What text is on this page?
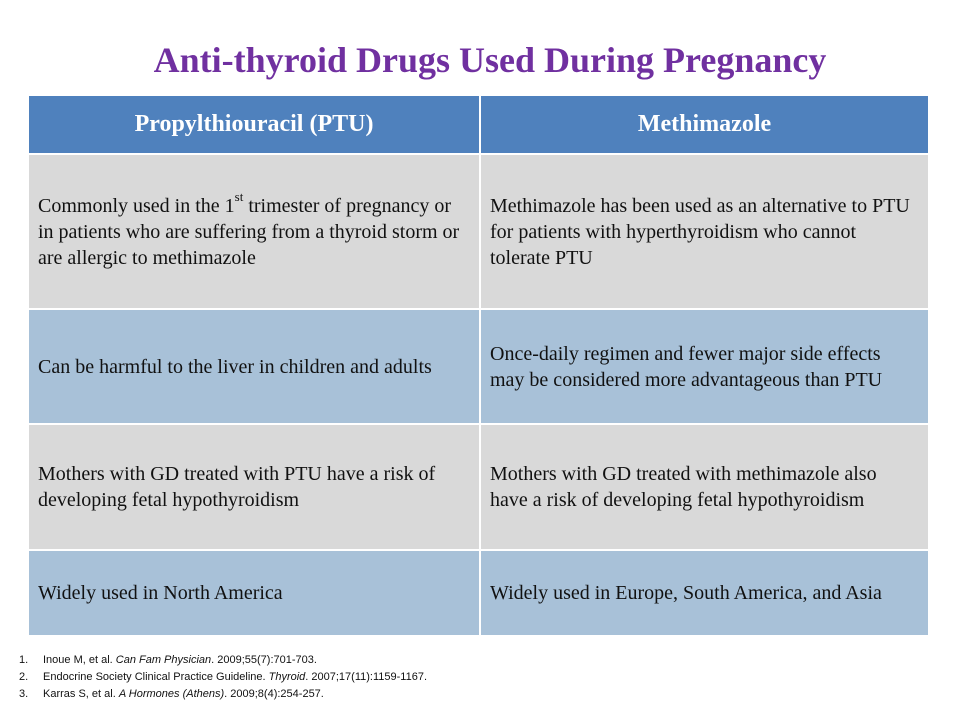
Anti-thyroid Drugs Used During Pregnancy
Propylthiouracil (PTU)	Methimazole
Commonly used in the 1st trimester of pregnancy or in patients who are suffering from a thyroid storm or are allergic to methimazole	Methimazole has been used as an alternative to PTU for patients with hyperthyroidism who cannot tolerate PTU
Can be harmful to the liver in children and adults	Once-daily regimen and fewer major side effects may be considered more advantageous than PTU
Mothers with GD treated with PTU have a risk of developing fetal hypothyroidism	Mothers with GD treated with methimazole also have a risk of developing fetal hypothyroidism
Widely used in North America	Widely used in Europe, South America, and Asia
1. Inoue M, et al. Can Fam Physician. 2009;55(7):701-703.
2. Endocrine Society Clinical Practice Guideline. Thyroid. 2007;17(11):1159-1167.
3. Karras S, et al. A Hormones (Athens). 2009;8(4):254-257.
